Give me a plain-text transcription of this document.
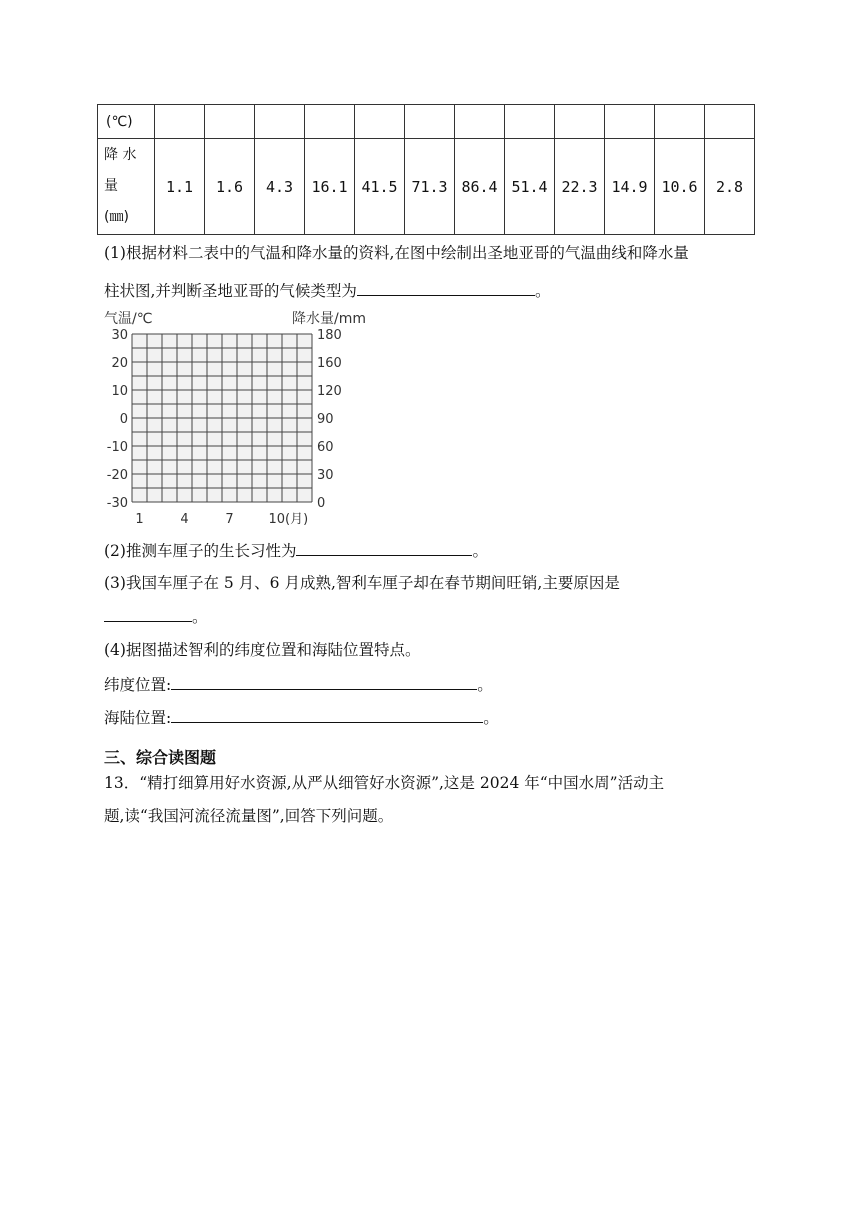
(℃)												

降 水
量
(㎜)	1.1	1.6	4.3	16.1	41.5	71.3	86.4	51.4	22.3	14.9	10.6	2.8
(1)根据材料二表中的气温和降水量的资料,在图中绘制出圣地亚哥的气温曲线和降水量
柱状图,并判断圣地亚哥的气候类型为	。
气温/℃	降水量/mm
30
20
10
0
-10
-20
-30
180
160
120
90
60
30
0
1	4	7	10(月)
(2)推测车厘子的生长习性为	。
(3)我国车厘子在 5 月、6 月成熟,智利车厘子却在春节期间旺销,主要原因是
。
(4)据图描述智利的纬度位置和海陆位置特点。
纬度位置:	。
海陆位置:	。
三、综合读图题
13．“精打细算用好水资源,从严从细管好水资源”,这是 2024 年“中国水周”活动主
题,读“我国河流径流量图”,回答下列问题。
